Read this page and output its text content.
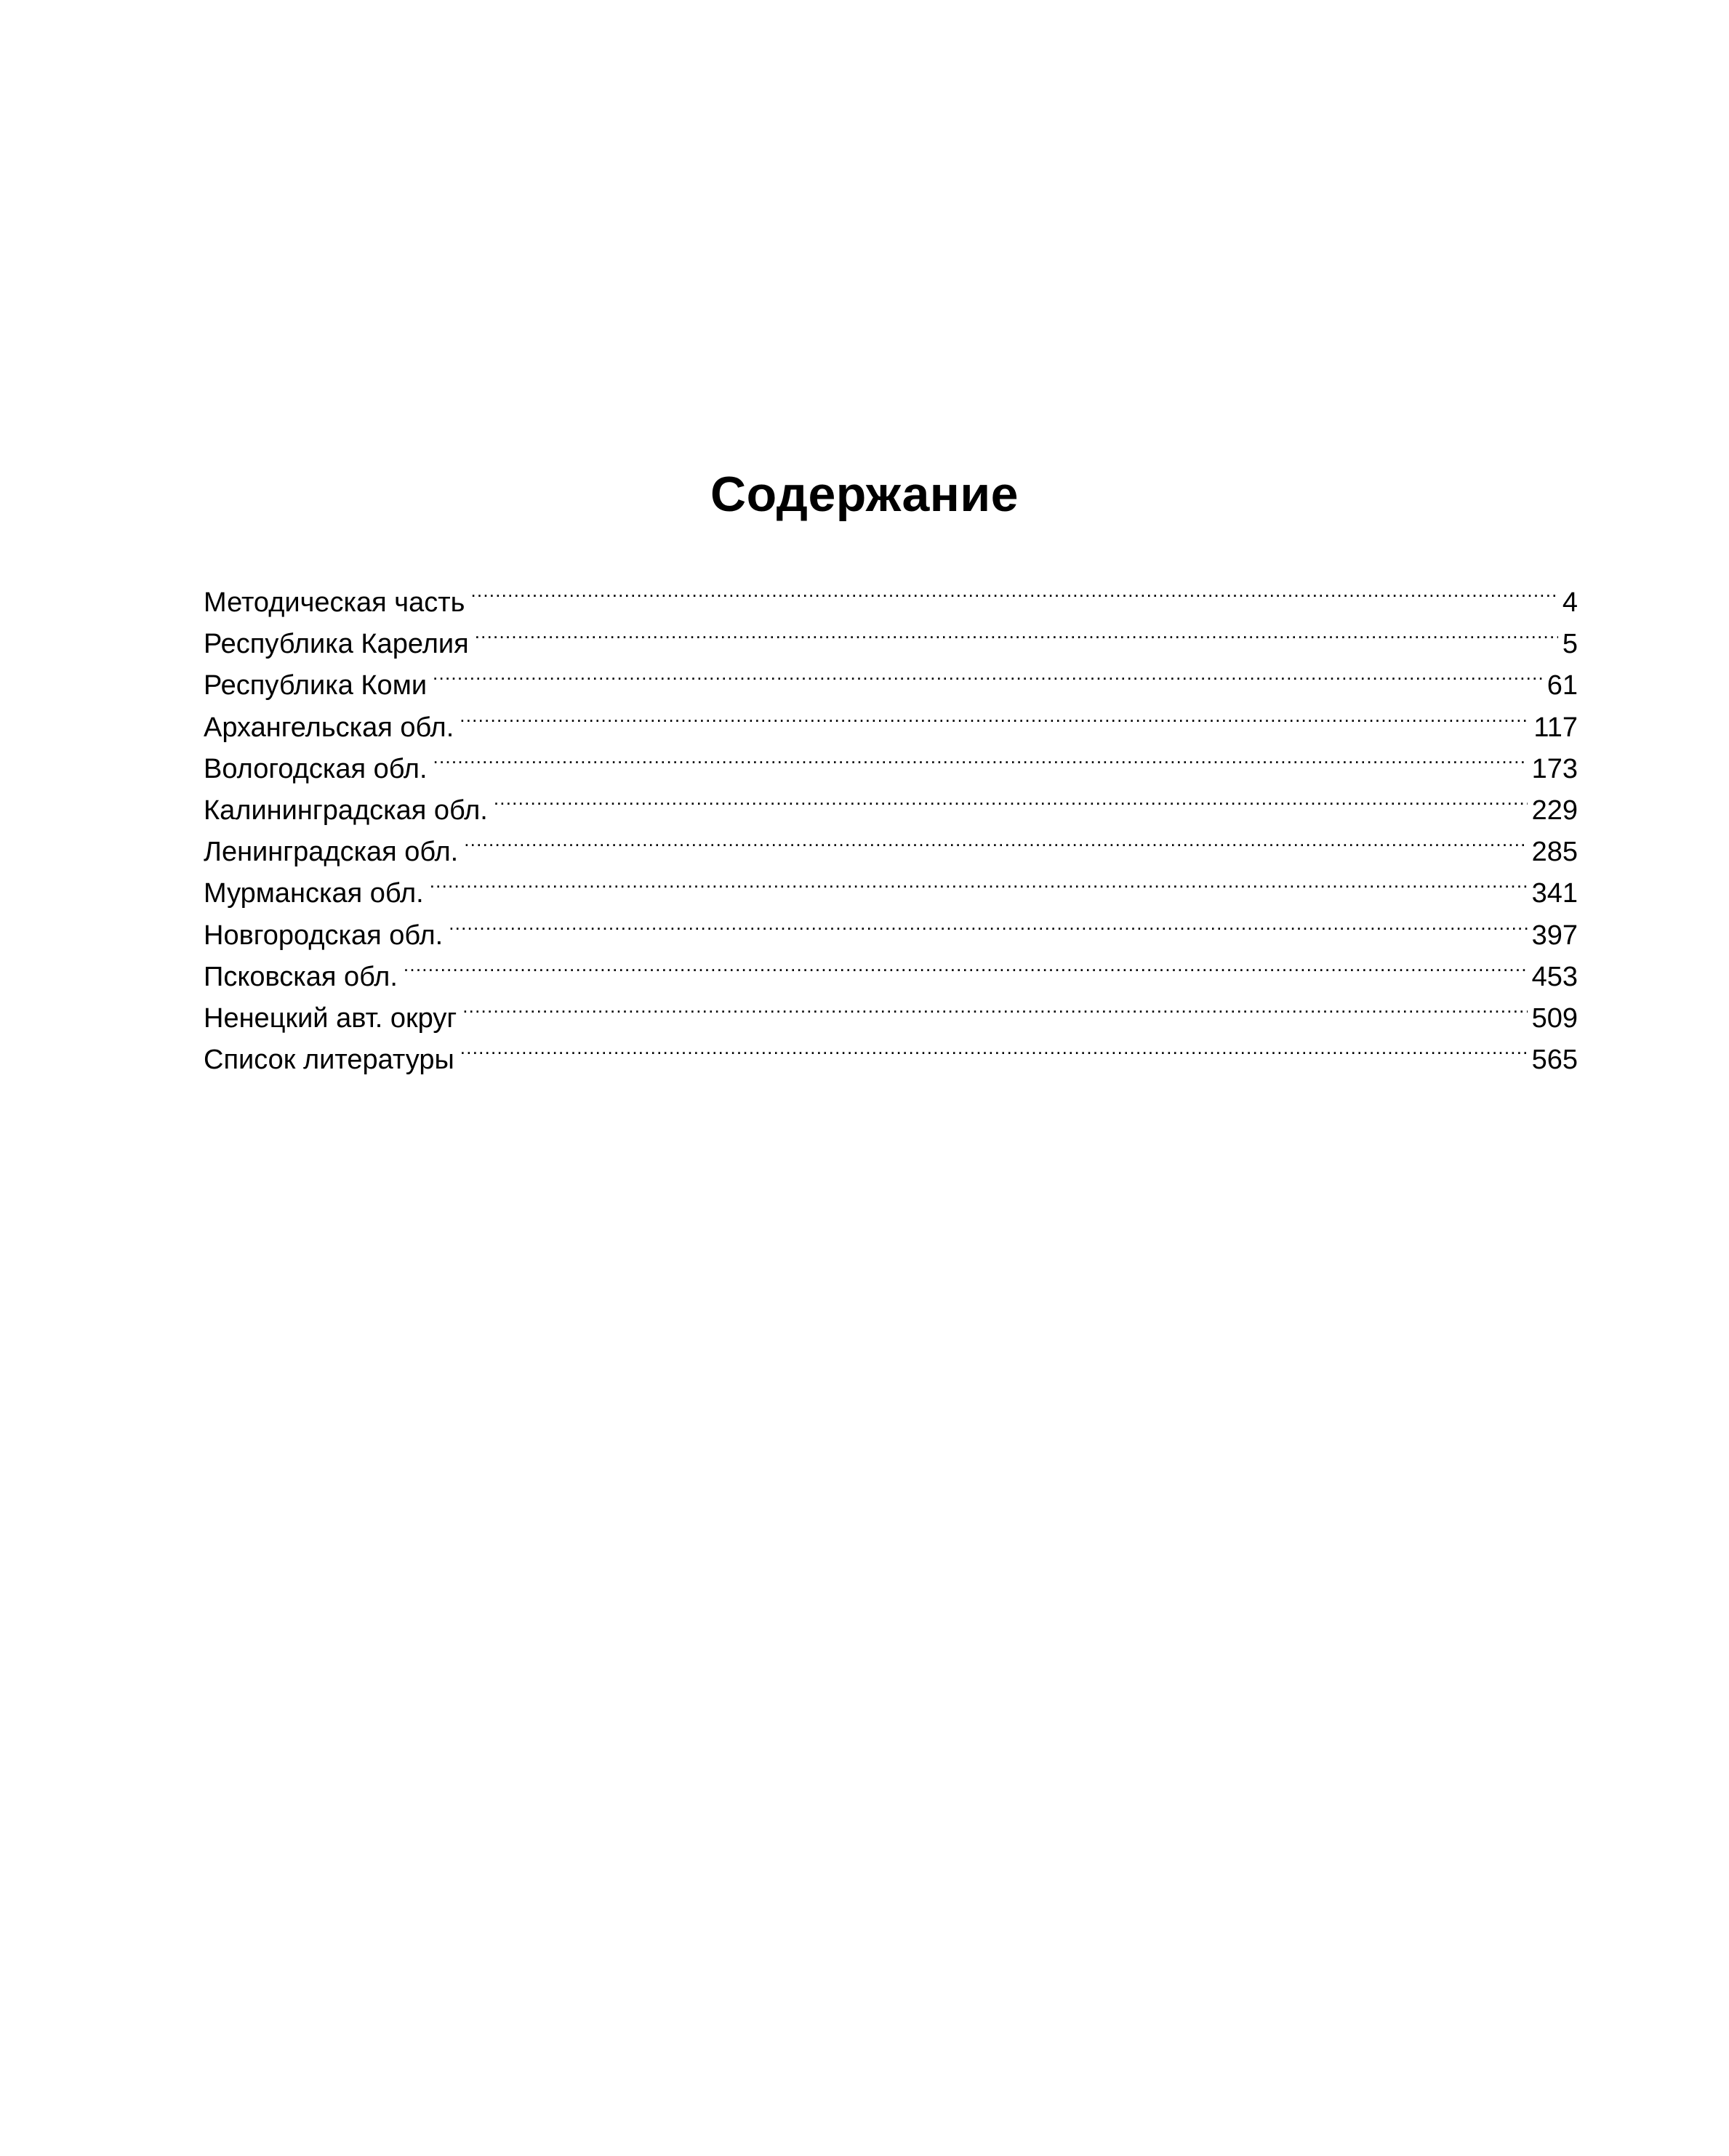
Содержание
Методическая часть . . .	4
Республика Карелия . . .	5
Республика Коми . . .	61
Архангельская обл. . . .	117
Вологодская обл. . . .	173
Калининградская обл. . . .	229
Ленинградская обл. . . .	285
Мурманская обл. . . .	341
Новгородская обл. . . .	397
Псковская обл. . . .	453
Ненецкий авт. округ . . .	509
Список литературы . . .	565
